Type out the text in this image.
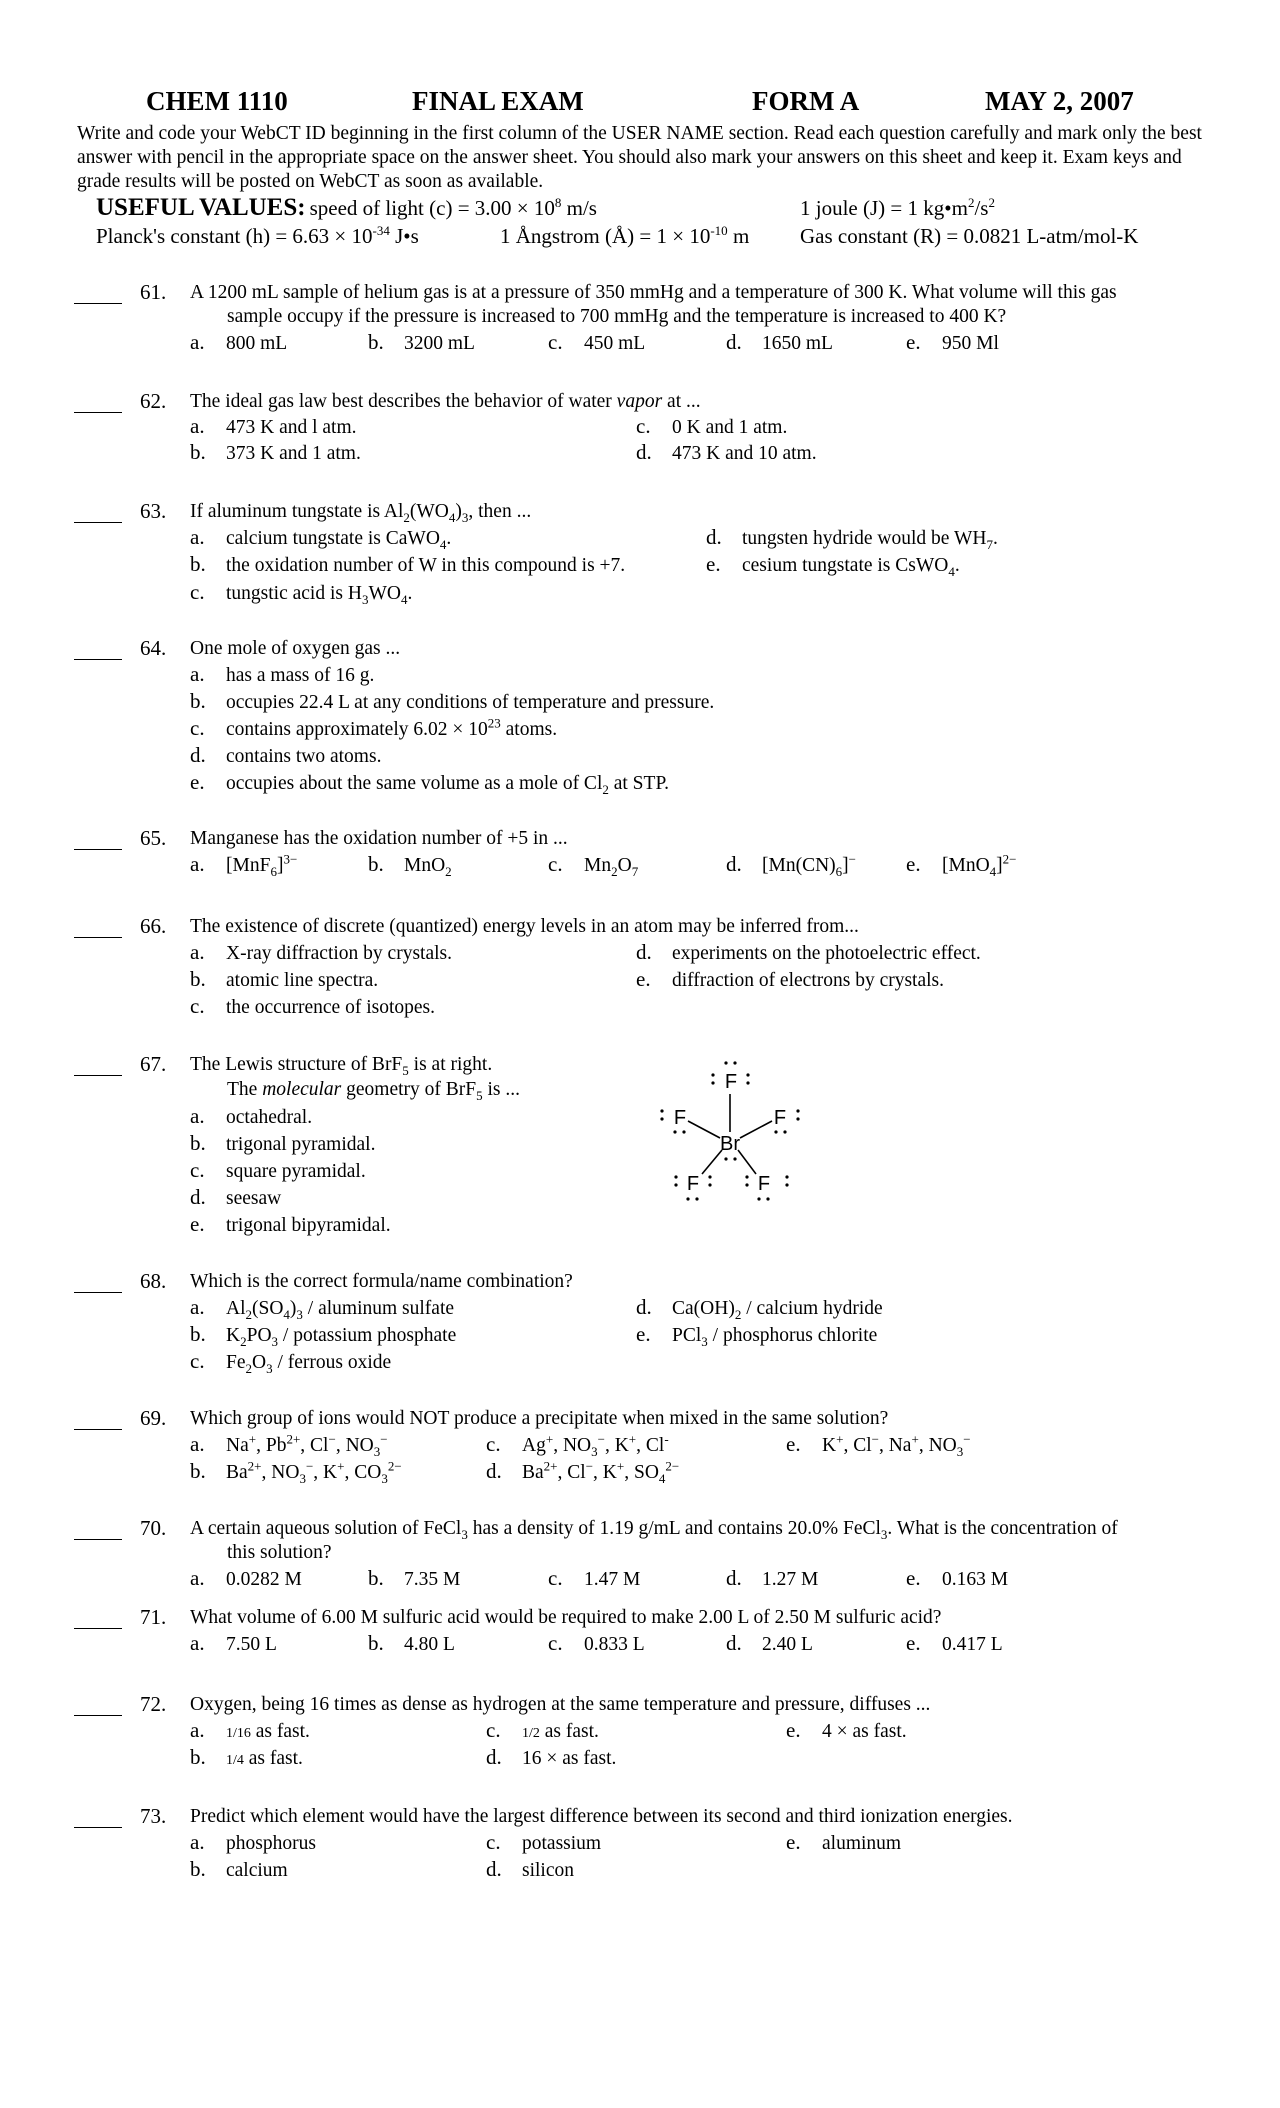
CHEM 1110	FINAL EXAM	FORM A	MAY 2, 2007
Write and code your WebCT ID beginning in the first column of the USER NAME section. Read each question carefully and mark only the best answer with pencil in the appropriate space on the answer sheet. You should also mark your answers on this sheet and keep it. Exam keys and grade results will be posted on WebCT as soon as available.
USEFUL VALUES: speed of light $(c) = 3.00 \times 10^8$ m/s	1 joule (J) = 1 $kg•m^2/s^2$
Planck's constant $(h) = 6.63 \times 10^{-34}$ J•s	1 Ångstrom (Å) = $1 \times 10^{-10}$ m Gas constant (R) = 0.0821 L-atm/mol-K
61. A 1200 mL sample of helium gas is at a pressure of 350 mmHg and a temperature of 300 K. What volume will this gas
sample occupy if the pressure is increased to 700 mmHg and the temperature is increased to 400 K?
a. 800 mL	b. 3200 mL	c. 450 mL	d. 1650 mL	e. 950 Ml
62. The ideal gas law best describes the behavior of water vapor at ...
a. 473 K and l atm.
b. 373 K and 1 atm.
c. 0 K and 1 atm.
d. 473 K and 10 atm.
63. If aluminum tungstate is $Al_2(WO_4)_3$, then ...
a. calcium tungstate is CaWO$_4$.
b. the oxidation number of W in this compound is +7.
c. tungstic acid is $H_3WO_4$.
d. tungsten hydride would be $WH_7$.
e. cesium tungstate is CsWO$_4$.
64. One mole of oxygen gas ...
a. has a mass of 16 g.
b. occupies 22.4 L at any conditions of temperature and pressure.
c. contains approximately $6.02 \times 10^{23}$ atoms.
d. contains two atoms.
e. occupies about the same volume as a mole of $Cl_2$ at STP.
65. Manganese has the oxidation number of +5 in ...
a. $[MnF_6]^{3-}$	b. MnO$_2$	c. $Mn_2O_7$	d. $[Mn(CN)_6]^-$ e. $[MnO_4]^{2-}$
66. The existence of discrete (quantized) energy levels in an atom may be inferred from...
a. X-ray diffraction by crystals.
b. atomic line spectra.
c. the occurrence of isotopes.
d. experiments on the photoelectric effect.
e. diffraction of electrons by crystals.
67. The Lewis structure of BrF$_5$ is at right.
The molecular geometry of BrF$_5$ is ...
a. octahedral.
b. trigonal pyramidal.
c. square pyramidal.
d. seesaw
e. trigonal bipyramidal.
Br
F
F	F
F	F
68. Which is the correct formula/name combination?
a. $Al_2(SO_4)_3$ / aluminum sulfate
b. $K_2PO_3$ / potassium phosphate
c. $Fe_2O_3$ / ferrous oxide
d. $Ca(OH)_2$ / calcium hydride
e. PCl$_3$ / phosphorus chlorite
69. Which group of ions would NOT produce a precipitate when mixed in the same solution?
a. Na+, $Pb^{2+}$, Cl−, $NO_3^-$
b. $Ba^{2+}$, $NO_3^-$, K+, $CO_3^{2-}$
c. Ag+, $NO_3^-$, K+, Cl-
d. $Ba^{2+}$, Cl−, K+, $SO_4^{2-}$
e. K+, Cl−, Na+, $NO_3^-$
70. A certain aqueous solution of FeCl$_3$ has a density of 1.19 g/mL and contains 20.0% FeCl$_3$. What is the concentration of
this solution?
a. 0.0282 M	b. 7.35 M	c. 1.47 M	d. 1.27 M	e. 0.163 M
71. What volume of 6.00 M sulfuric acid would be required to make 2.00 L of 2.50 M sulfuric acid?
a. 7.50 L	b. 4.80 L	c. 0.833 L	d. 2.40 L	e. 0.417 L
72. Oxygen, being 16 times as dense as hydrogen at the same temperature and pressure, diffuses ...
a. 1/16 as fast.
b. 1/4 as fast.
c. 1/2 as fast.
d. 16 × as fast.
e. 4 × as fast.
73. Predict which element would have the largest difference between its second and third ionization energies.
a. phosphorus
b. calcium
c. potassium
d. silicon
e. aluminum
